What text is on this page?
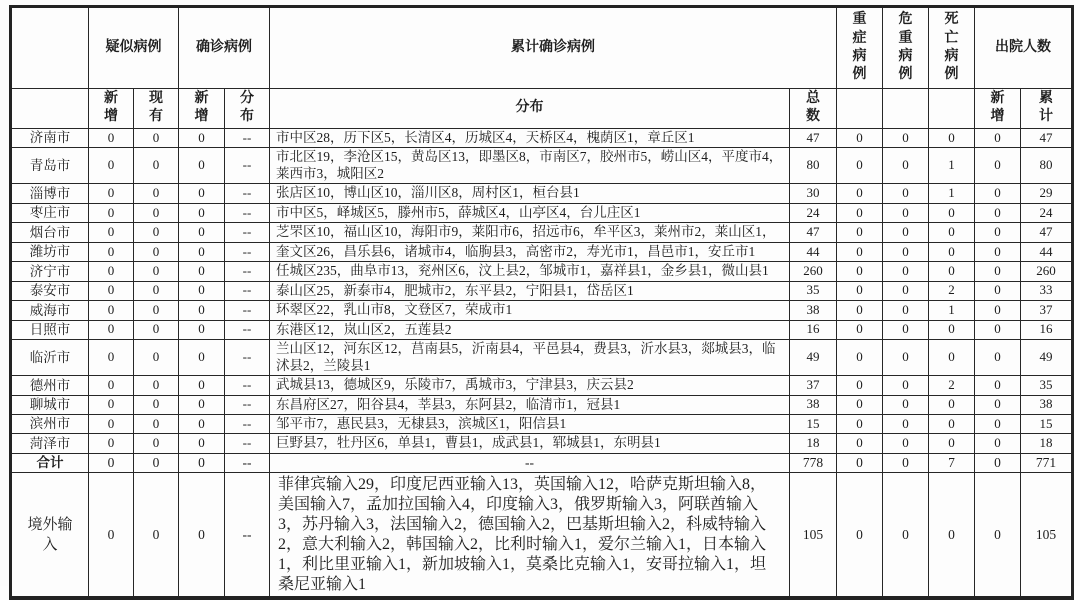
	疑似病例		确诊病例		累计确诊病例		重症病例	危重病例	死亡病例	出院人数	
	新增	现有	新增	分布	分布	总数				新增	累计
济南市	0	0	0	--	市中区28，历下区5，长清区4，历城区4，天桥区4，槐荫区1，章丘区1	47	0	0	0	0	47
青岛市	0	0	0	--	市北区19，李沧区15，黄岛区13，即墨区8，市南区7，胶州市5，崂山区4，平度市4，莱西市3，城阳区2	80	0	0	1	0	80
淄博市	0	0	0	--	张店区10，博山区10，淄川区8，周村区1，桓台县1	30	0	0	1	0	29
枣庄市	0	0	0	--	市中区5，峄城区5，滕州市5，薛城区4，山亭区4，台儿庄区1	24	0	0	0	0	24
烟台市	0	0	0	--	芝罘区10，福山区10，海阳市9，莱阳市6，招远市6，牟平区3，莱州市2，莱山区1，	47	0	0	0	0	47
潍坊市	0	0	0	--	奎文区26，昌乐县6，诸城市4，临朐县3，高密市2，寿光市1，昌邑市1，安丘市1	44	0	0	0	0	44
济宁市	0	0	0	--	任城区235，曲阜市13，兖州区6，汶上县2，邹城市1，嘉祥县1，金乡县1，微山县1	260	0	0	0	0	260
泰安市	0	0	0	--	泰山区25，新泰市4，肥城市2，东平县2，宁阳县1，岱岳区1	35	0	0	2	0	33
威海市	0	0	0	--	环翠区22，乳山市8，文登区7，荣成市1	38	0	0	1	0	37
日照市	0	0	0	--	东港区12，岚山区2，五莲县2	16	0	0	0	0	16
临沂市	0	0	0	--	兰山区12，河东区12，莒南县5，沂南县4，平邑县4，费县3，沂水县3，郯城县3，临沭县2，兰陵县1	49	0	0	0	0	49
德州市	0	0	0	--	武城县13，德城区9，乐陵市7，禹城市3，宁津县3，庆云县2	37	0	0	2	0	35
聊城市	0	0	0	--	东昌府区27，阳谷县4，莘县3，东阿县2，临清市1，冠县1	38	0	0	0	0	38
滨州市	0	0	0	--	邹平市7，惠民县3，无棣县3，滨城区1，阳信县1	15	0	0	0	0	15
菏泽市	0	0	0	--	巨野县7，牡丹区6，单县1，曹县1，成武县1，郓城县1，东明县1	18	0	0	0	0	18
合计	0	0	0	--	--	778	0	0	7	0	771
境外输入	0	0	0	--	菲律宾输入29，印度尼西亚输入13，英国输入12，哈萨克斯坦输入8，美国输入7，孟加拉国输入4，印度输入3，俄罗斯输入3，阿联酋输入3，苏丹输入3，法国输入2，德国输入2，巴基斯坦输入2，科威特输入2，意大利输入2，韩国输入2，比利时输入1，爱尔兰输入1，日本输入1，利比里亚输入1，新加坡输入1，莫桑比克输入1，安哥拉输入1，坦桑尼亚输入1	105	0	0	0	0	105
